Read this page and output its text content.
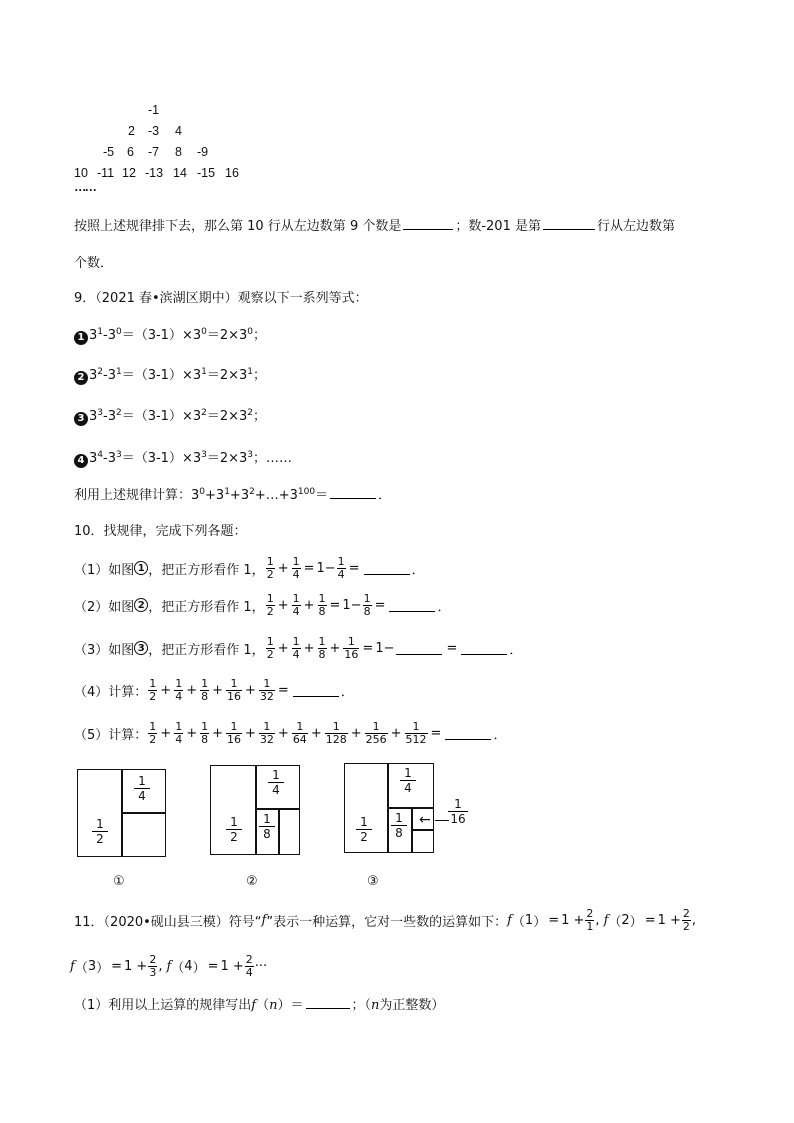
-1
2 -3 4
-5 6 -7 8 -9
10 -11 12 -13 14 -15 16
……
按照上述规律排下去，那么第 10 行从左边数第 9 个数是	；数-201 是第	行从左边数第
个数．
9．（2021 春•滨湖区期中）观察以下一系列等式：
1 $3^1-3^0=(3-1)\times 3^0=2\times 3^0$；
2 $3^2-3^1=(3-1)\times 3^1=2\times 3^1$；
3 $3^3-3^2=(3-1)\times 3^2=2\times 3^2$；
4 $3^4-3^3=(3-1)\times 3^3=2\times 3^3$；……
利用上述规律计算：$3^0+3^1+3^2+\dots+3^{100}=$	．
10．找规律，完成下列各题：
（1）如图 1 ，把正方形看作 1， $\frac{1}{2} + \frac{1}{4} = 1- \frac{1}{4}$ =	．
（2）如图 2 ，把正方形看作 1， $\frac{1}{2} + \frac{1}{4} + \frac{1}{8} = 1- \frac{1}{8}$ =	．
（3）如图 3 ，把正方形看作 1， $\frac{1}{2} + \frac{1}{4} + \frac{1}{8} + \frac{1}{16} = 1-$	=	．
（4）计算： $\frac{1}{2} + \frac{1}{4} + \frac{1}{8} + \frac{1}{16} + \frac{1}{32}$ =	．
（5）计算： $\frac{1}{2} + \frac{1}{4} + \frac{1}{8} + \frac{1}{16} + \frac{1}{32} + \frac{1}{64} + \frac{1}{128} + \frac{1}{256} + \frac{1}{512}$ =	．
1
2
1
4
1
2
1
4
1
8
1
2
1
4
1
8
←
1
16
①	②	③
11．（2020•砚山县三模）符号“ f ”表示一种运算，它对一些数的运算如下： f （ 1 ） = $1 + \frac{2}{1}$ , f （ 2 ） = $1 + \frac{2}{2}$ ,
f （ 3 ） = $1 + \frac{2}{3}$ , f （ 4 ） = $1 + \frac{2}{4}$ ···
（1）利用以上运算的规律写出f（n）＝	；（n为正整数）
